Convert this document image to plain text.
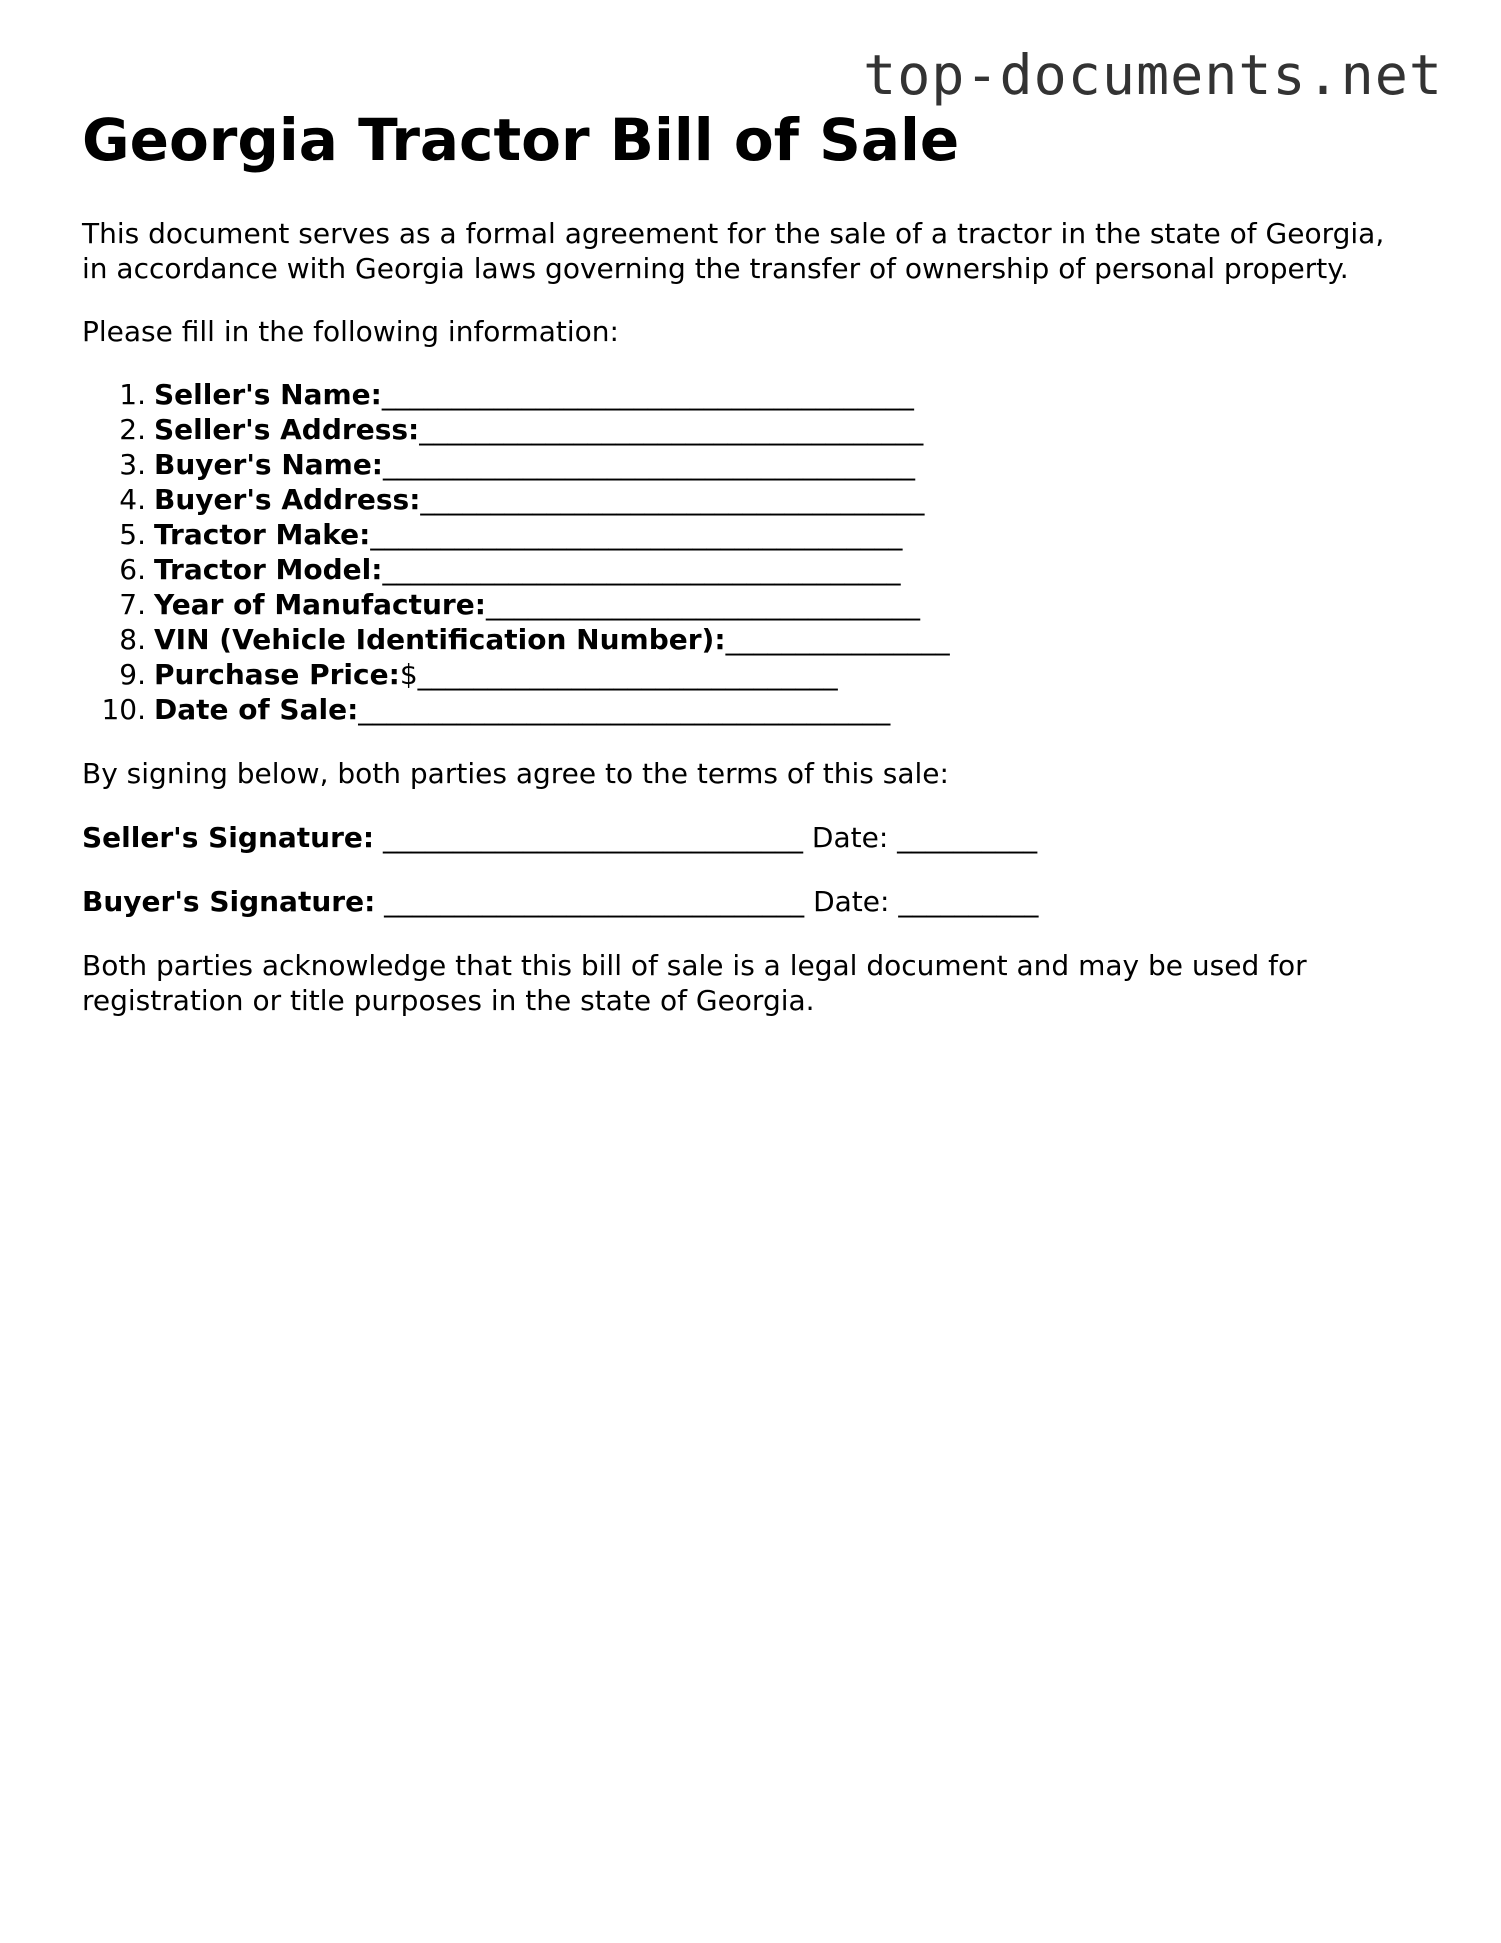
top-documents.net
Georgia Tractor Bill of Sale

This document serves as a formal agreement for the sale of a tractor in the state of Georgia, in accordance with Georgia laws governing the transfer of ownership of personal property.

Please fill in the following information:

1. Seller's Name: ______________________________________
2. Seller's Address: ____________________________________
3. Buyer's Name: ______________________________________
4. Buyer's Address: ____________________________________
5. Tractor Make: ______________________________________
6. Tractor Model: _____________________________________
7. Year of Manufacture: _______________________________
8. VIN (Vehicle Identification Number): ________________
9. Purchase Price: $______________________________
10. Date of Sale: ______________________________________

By signing below, both parties agree to the terms of this sale:

Seller's Signature: ______________________________ Date: __________

Buyer's Signature: ______________________________ Date: __________

Both parties acknowledge that this bill of sale is a legal document and may be used for registration or title purposes in the state of Georgia.
